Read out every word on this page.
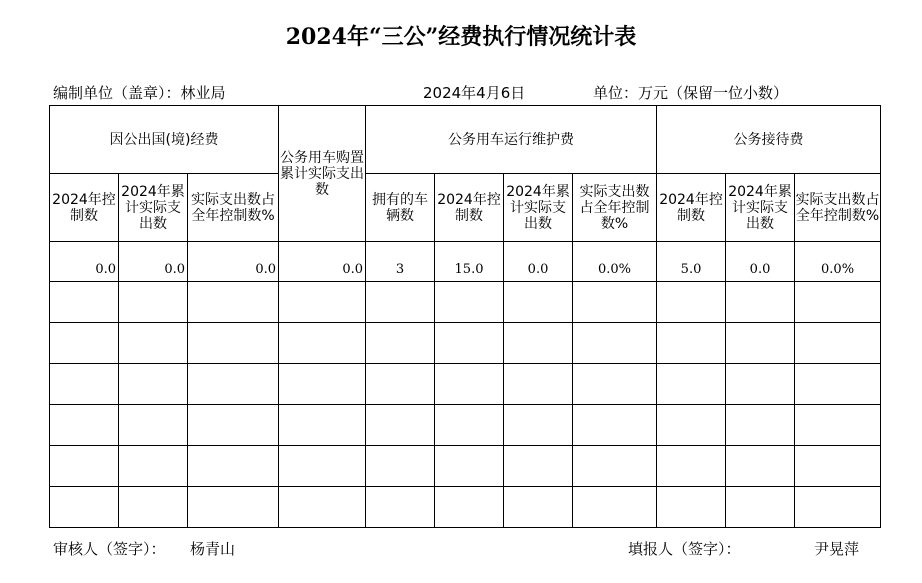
2024年“三公”经费执行情况统计表
编制单位（盖章）：林业局	2024年4月6日	单位：万元（保留一位小数）
因公出国(境)经费			公务用车购置累计实际支出数	公务用车运行维护费				公务接待费		
2024年控制数	2024年累计实际支出数	实际支出数占全年控制数%		拥有的车辆数	2024年控制数	2024年累计实际支出数	实际支出数占全年控制数%	2024年控制数	2024年累计实际支出数	实际支出数占全年控制数%
0.0	0.0	0.0	0.0	3	15.0	0.0	0.0%	5.0	0.0	0.0%

审核人（签字）： 杨青山	填报人（签字）：	尹晃萍
